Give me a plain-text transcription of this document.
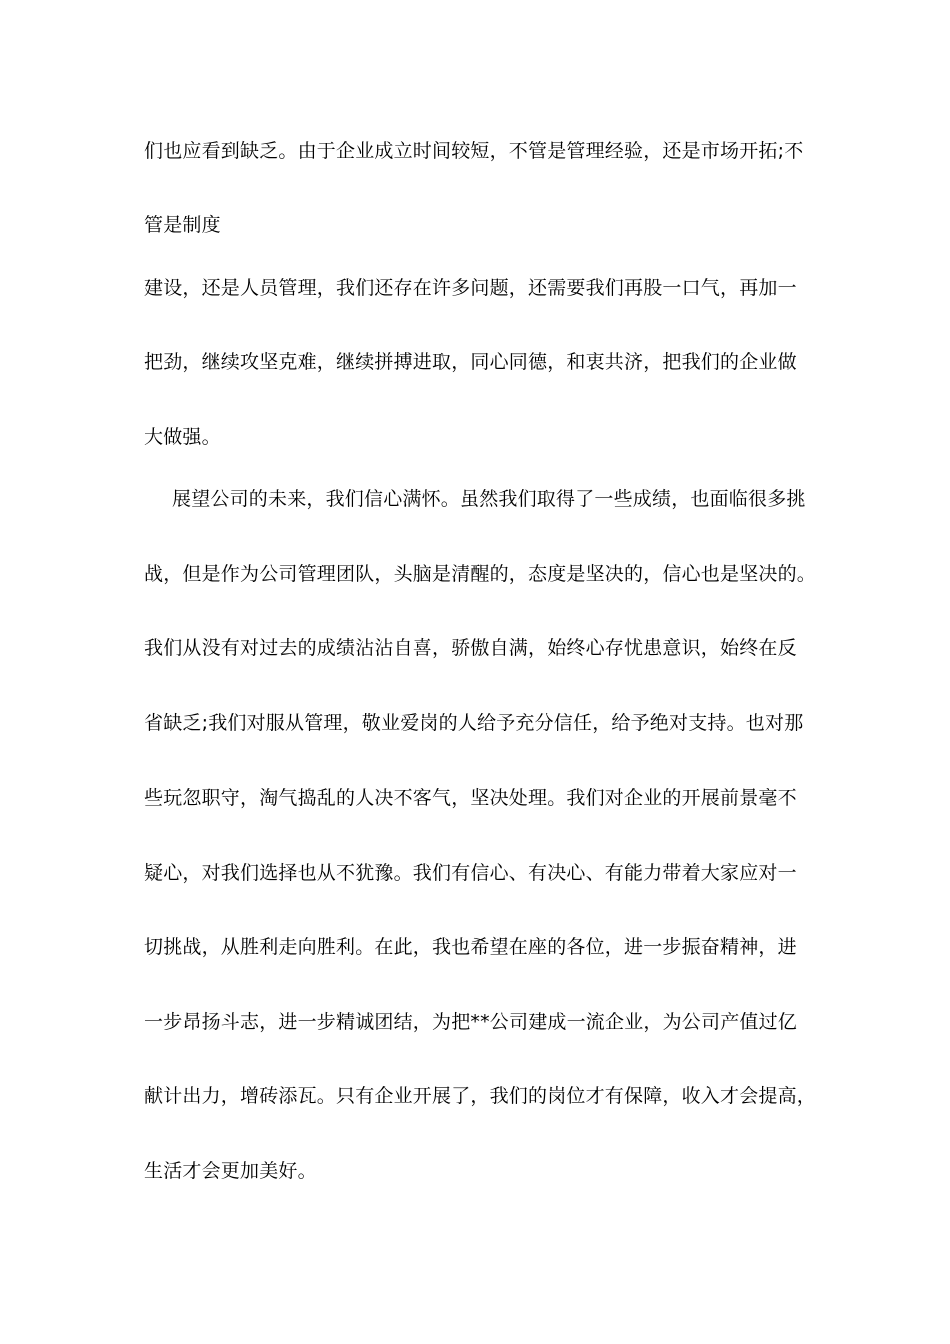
们也应看到缺乏。由于企业成立时间较短，不管是管理经验，还是市场开拓;不
管是制度
建设，还是人员管理，我们还存在许多问题，还需要我们再股一口气，再加一
把劲，继续攻坚克难，继续拼搏进取，同心同德，和衷共济，把我们的企业做
大做强。
展望公司的未来，我们信心满怀。虽然我们取得了一些成绩，也面临很多挑
战，但是作为公司管理团队，头脑是清醒的，态度是坚决的，信心也是坚决的。
我们从没有对过去的成绩沾沾自喜，骄傲自满，始终心存忧患意识，始终在反
省缺乏;我们对服从管理，敬业爱岗的人给予充分信任，给予绝对支持。也对那
些玩忽职守，淘气捣乱的人决不客气，坚决处理。我们对企业的开展前景毫不
疑心，对我们选择也从不犹豫。我们有信心、有决心、有能力带着大家应对一
切挑战，从胜利走向胜利。在此，我也希望在座的各位，进一步振奋精神，进
一步昂扬斗志，进一步精诚团结，为把**公司建成一流企业，为公司产值过亿
献计出力，增砖添瓦。只有企业开展了，我们的岗位才有保障，收入才会提高，
生活才会更加美好。
